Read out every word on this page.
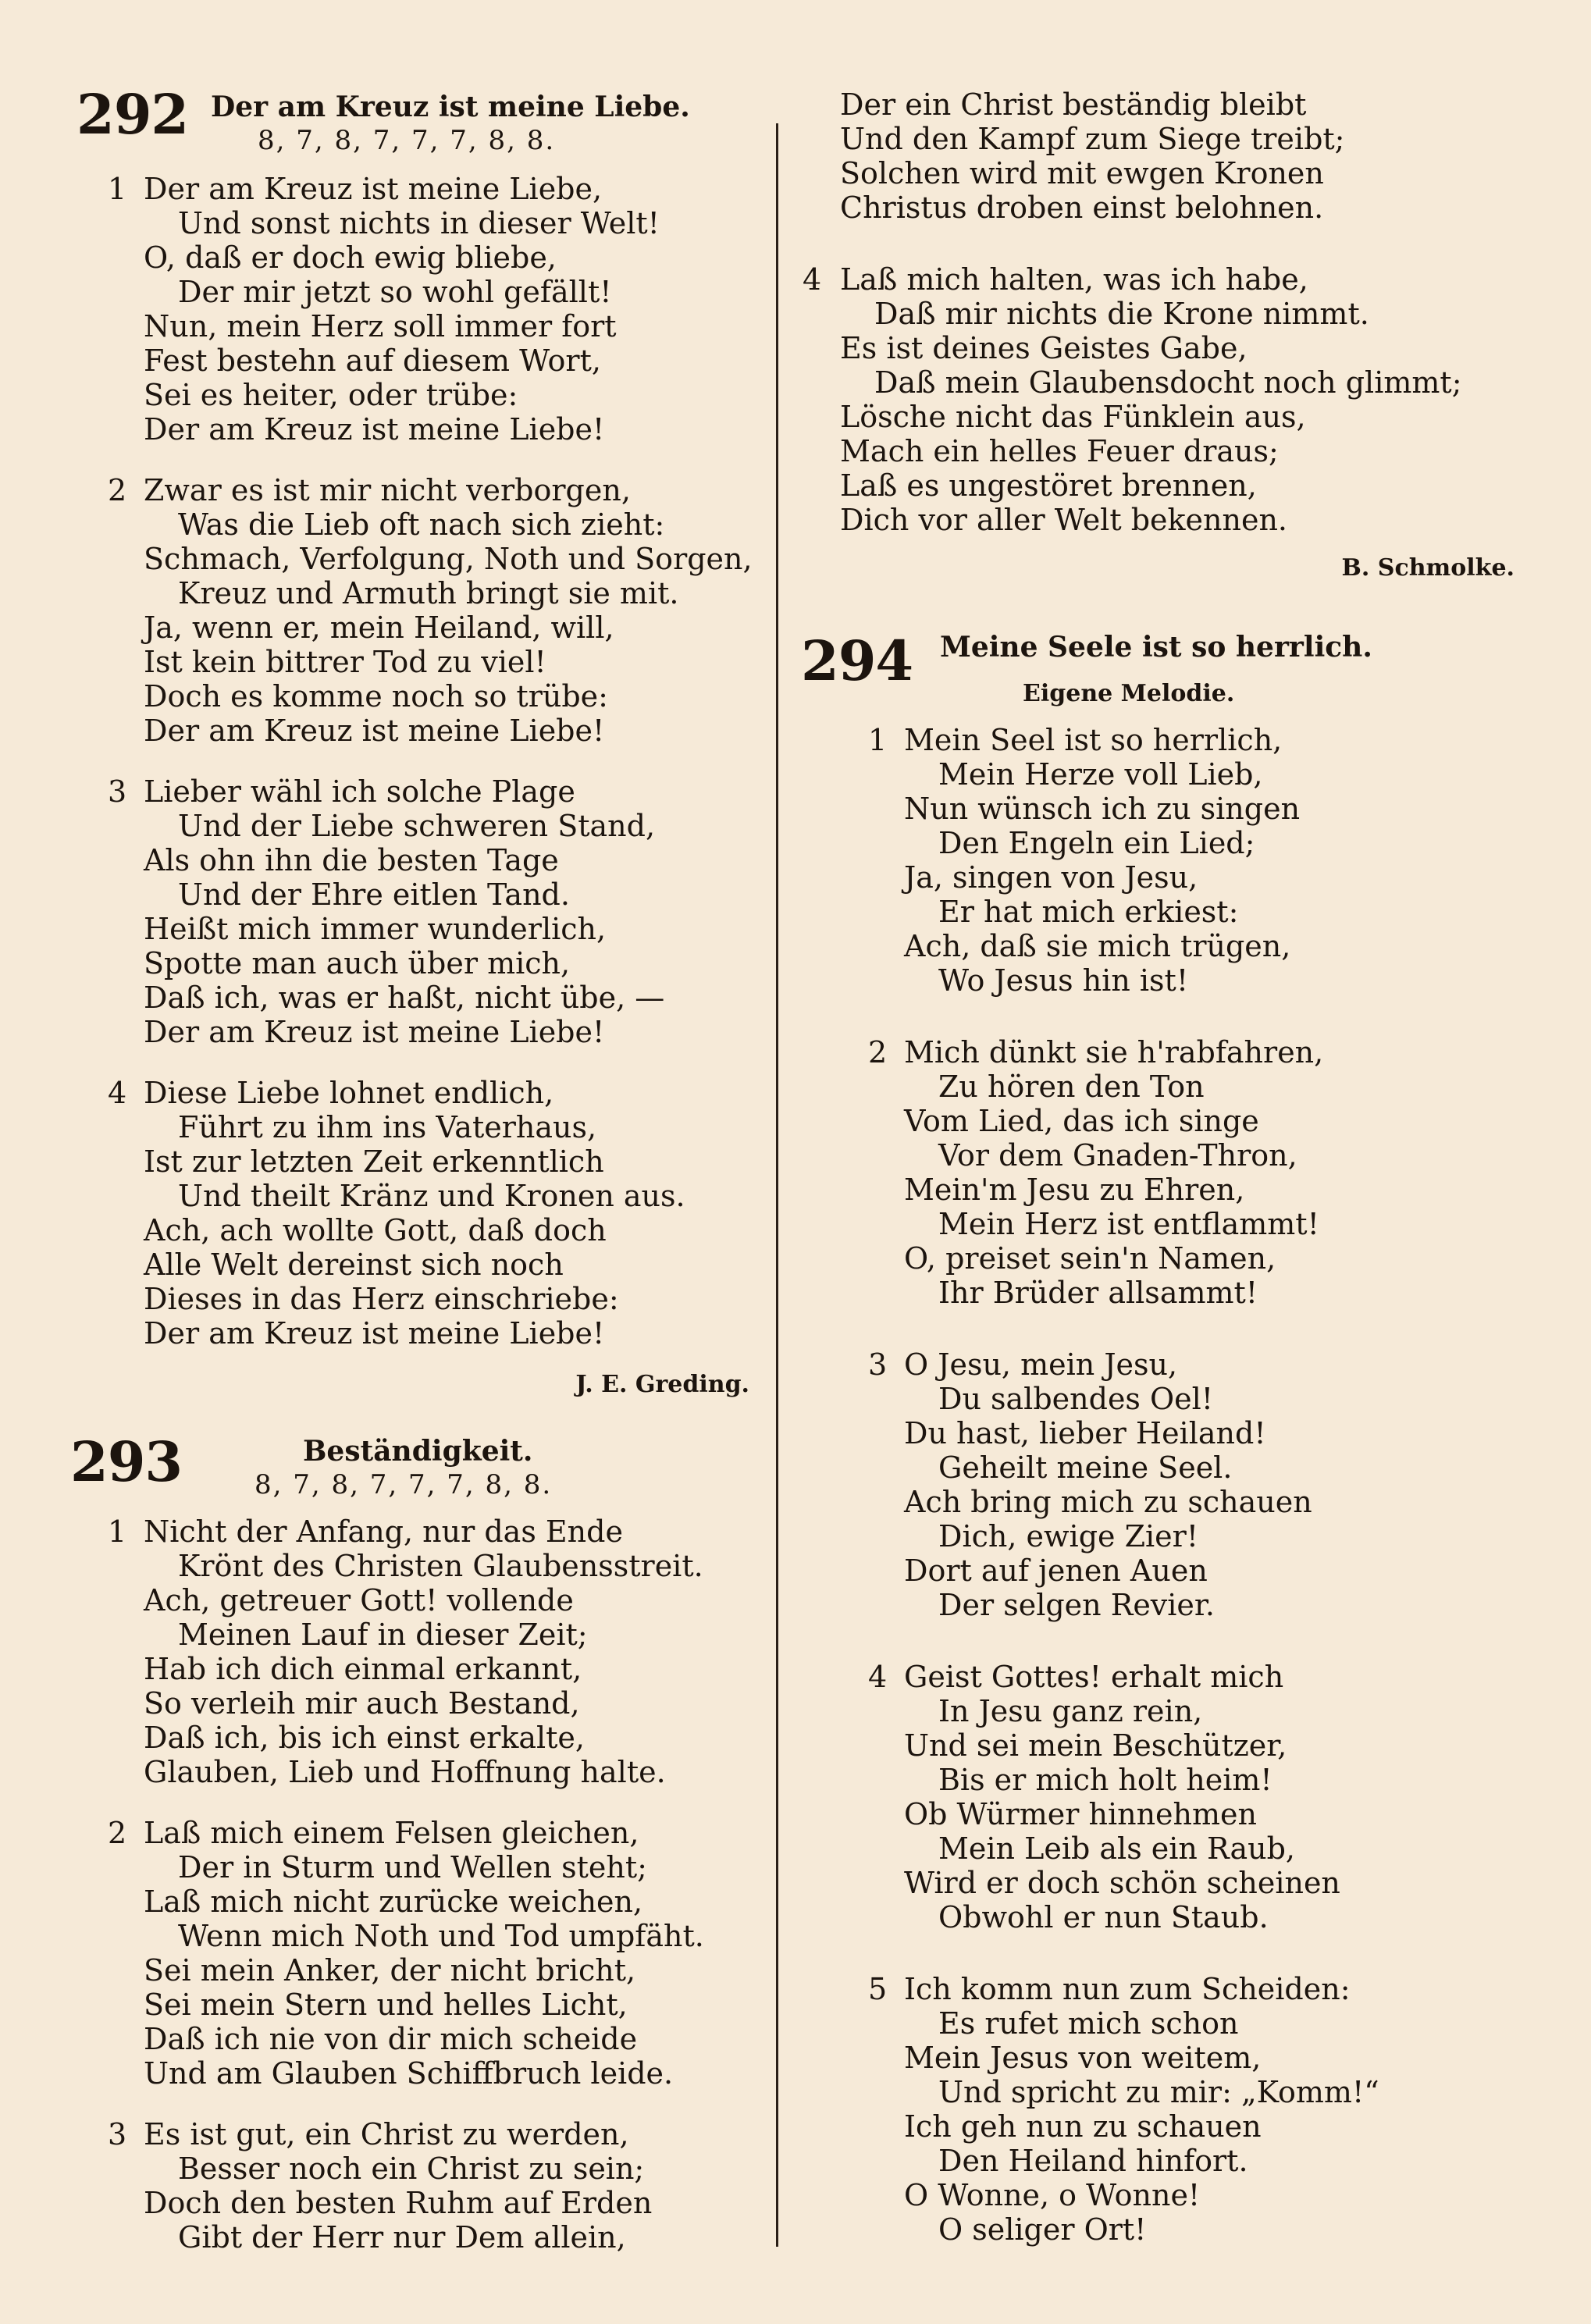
292 Der am Kreuz ist meine Liebe.
8, 7, 8, 7, 7, 7, 8, 8.
1 Der am Kreuz ist meine Liebe,
Und sonst nichts in dieser Welt!
O, daß er doch ewig bliebe,
Der mir jetzt so wohl gefällt!
Nun, mein Herz soll immer fort
Fest bestehn auf diesem Wort,
Sei es heiter, oder trübe:
Der am Kreuz ist meine Liebe!
2 Zwar es ist mir nicht verborgen,
Was die Lieb oft nach sich zieht:
Schmach, Verfolgung, Noth und Sorgen,
Kreuz und Armuth bringt sie mit.
Ja, wenn er, mein Heiland, will,
Ist kein bittrer Tod zu viel!
Doch es komme noch so trübe:
Der am Kreuz ist meine Liebe!
3 Lieber wähl ich solche Plage
Und der Liebe schweren Stand,
Als ohn ihn die besten Tage
Und der Ehre eitlen Tand.
Heißt mich immer wunderlich,
Spotte man auch über mich,
Daß ich, was er haßt, nicht übe, —
Der am Kreuz ist meine Liebe!
4 Diese Liebe lohnet endlich,
Führt zu ihm ins Vaterhaus,
Ist zur letzten Zeit erkenntlich
Und theilt Kränz und Kronen aus.
Ach, ach wollte Gott, daß doch
Alle Welt dereinst sich noch
Dieses in das Herz einschriebe:
Der am Kreuz ist meine Liebe!
J. E. Greding.
293	Beständigkeit.
8, 7, 8, 7, 7, 7, 8, 8.
1 Nicht der Anfang, nur das Ende
Krönt des Christen Glaubensstreit.
Ach, getreuer Gott! vollende
Meinen Lauf in dieser Zeit;
Hab ich dich einmal erkannt,
So verleih mir auch Bestand,
Daß ich, bis ich einst erkalte,
Glauben, Lieb und Hoffnung halte.
2 Laß mich einem Felsen gleichen,
Der in Sturm und Wellen steht;
Laß mich nicht zurücke weichen,
Wenn mich Noth und Tod umpfäht.
Sei mein Anker, der nicht bricht,
Sei mein Stern und helles Licht,
Daß ich nie von dir mich scheide
Und am Glauben Schiffbruch leide.
3 Es ist gut, ein Christ zu werden,
Besser noch ein Christ zu sein;
Doch den besten Ruhm auf Erden
Gibt der Herr nur Dem allein,
Der ein Christ beständig bleibt
Und den Kampf zum Siege treibt;
Solchen wird mit ewgen Kronen
Christus droben einst belohnen.
4 Laß mich halten, was ich habe,
Daß mir nichts die Krone nimmt.
Es ist deines Geistes Gabe,
Daß mein Glaubensdocht noch glimmt;
Lösche nicht das Fünklein aus,
Mach ein helles Feuer draus;
Laß es ungestöret brennen,
Dich vor aller Welt bekennen.
B. Schmolke.
294 Meine Seele ist so herrlich.
Eigene Melodie.
1 Mein Seel ist so herrlich,
Mein Herze voll Lieb,
Nun wünsch ich zu singen
Den Engeln ein Lied;
Ja, singen von Jesu,
Er hat mich erkiest:
Ach, daß sie mich trügen,
Wo Jesus hin ist!
2 Mich dünkt sie h'rabfahren,
Zu hören den Ton
Vom Lied, das ich singe
Vor dem Gnaden-Thron,
Mein'm Jesu zu Ehren,
Mein Herz ist entflammt!
O, preiset sein'n Namen,
Ihr Brüder allsammt!
3 O Jesu, mein Jesu,
Du salbendes Oel!
Du hast, lieber Heiland!
Geheilt meine Seel.
Ach bring mich zu schauen
Dich, ewige Zier!
Dort auf jenen Auen
Der selgen Revier.
4 Geist Gottes! erhalt mich
In Jesu ganz rein,
Und sei mein Beschützer,
Bis er mich holt heim!
Ob Würmer hinnehmen
Mein Leib als ein Raub,
Wird er doch schön scheinen
Obwohl er nun Staub.
5 Ich komm nun zum Scheiden:
Es rufet mich schon
Mein Jesus von weitem,
Und spricht zu mir: „Komm!“
Ich geh nun zu schauen
Den Heiland hinfort.
O Wonne, o Wonne!
O seliger Ort!
